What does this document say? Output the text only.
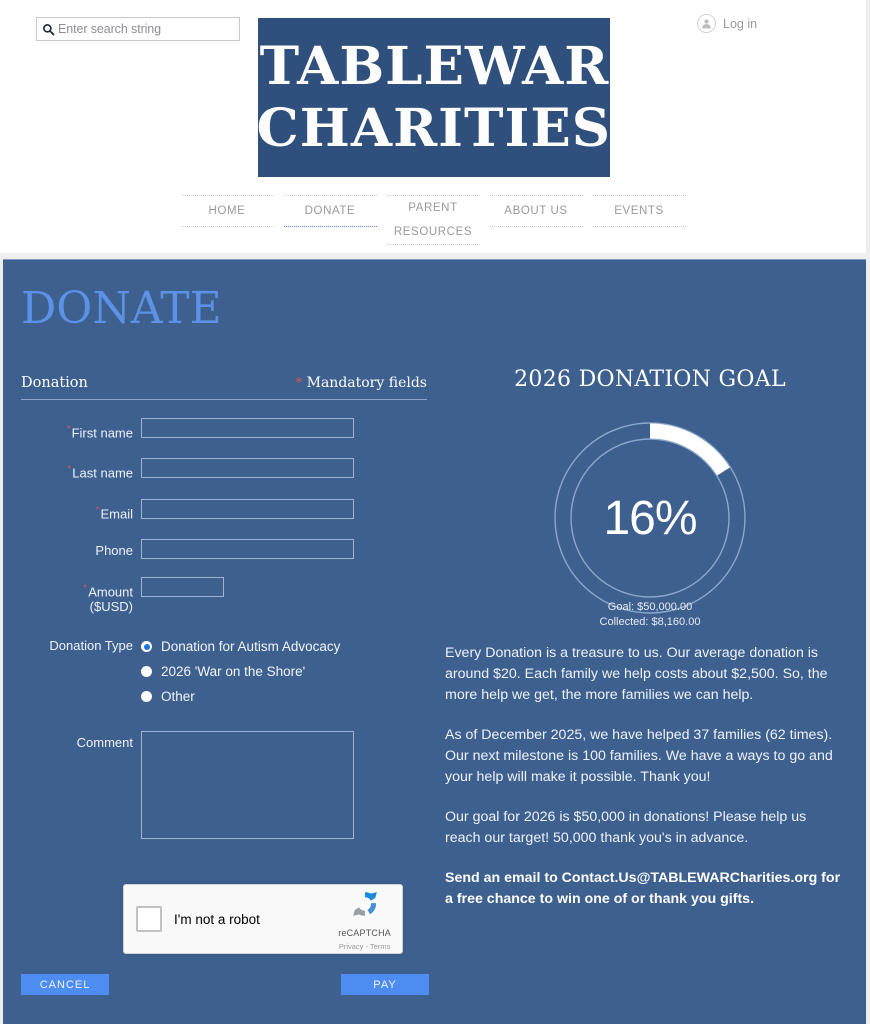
Enter search string
TABLEWAR
CHARITIES
Log in
HOME	DONATE	PARENT

RESOURCES
ABOUT US	EVENTS
DONATE
Donation	* Mandatory fields
*First name
*Last name
*Email
Phone
*Amount
($USD)
Donation Type Donation for Autism Advocacy
2026 'War on the Shore'
Other
Comment
I'm not a robot
reCAPTCHA
Privacy - Terms
CANCEL	PAY
2026 DONATION GOAL
16%
Goal: $50,000.00
Collected: $8,160.00

Every Donation is a treasure to us. Our average donation is around $20. Each family we help costs about $2,500. So, the more help we get, the more families we can help.

As of December 2025, we have helped 37 families (62 times). Our next milestone is 100 families. We have a ways to go and your help will make it possible. Thank you!

Our goal for 2026 is $50,000 in donations! Please help us reach our target! 50,000 thank you's in advance.

Send an email to Contact.Us@TABLEWARCharities.org for a free chance to win one of or thank you gifts.
